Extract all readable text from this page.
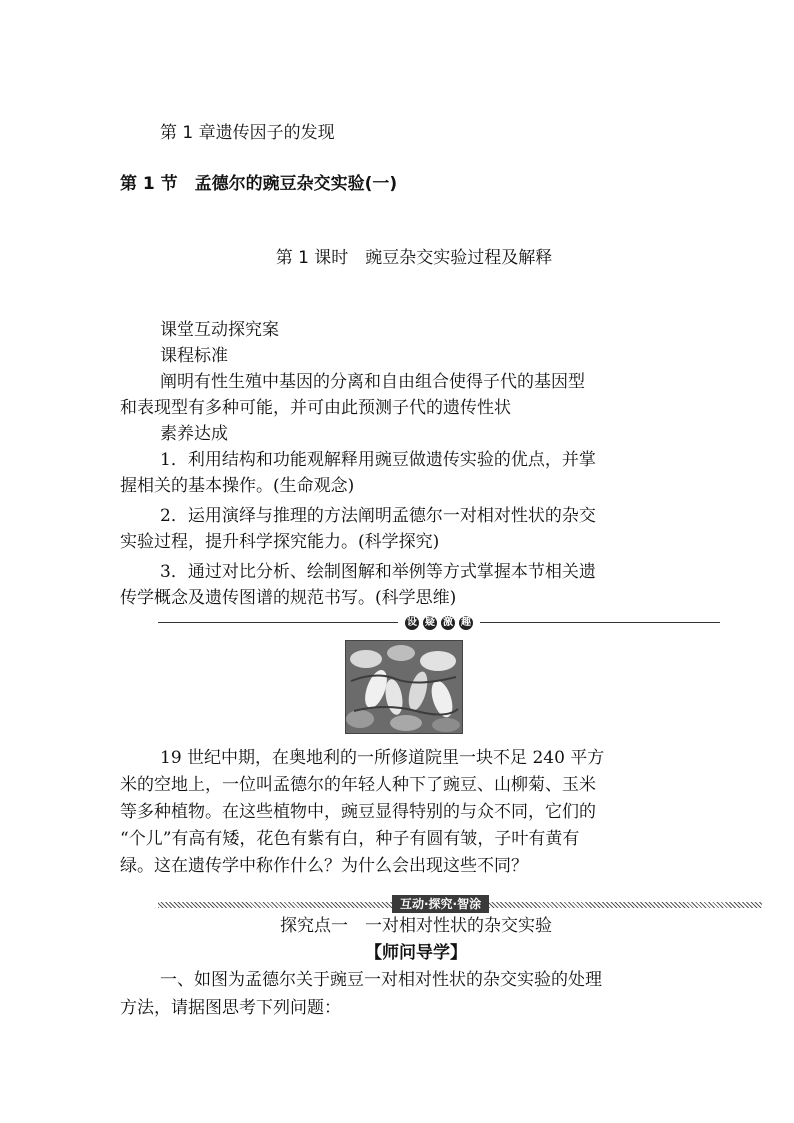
第 1 章遗传因子的发现
第 1 节　孟德尔的豌豆杂交实验(一)
第 1 课时　豌豆杂交实验过程及解释
课堂互动探究案
课程标准
阐明有性生殖中基因的分离和自由组合使得子代的基因型
和表现型有多种可能，并可由此预测子代的遗传性状
素养达成
1．利用结构和功能观解释用豌豆做遗传实验的优点，并掌
握相关的基本操作。(生命观念)
2．运用演绎与推理的方法阐明孟德尔一对相对性状的杂交
实验过程，提升科学探究能力。(科学探究)
3．通过对比分析、绘制图解和举例等方式掌握本节相关遗
传学概念及遗传图谱的规范书写。(科学思维)
设 疑 激 趣
19 世纪中期，在奥地利的一所修道院里一块不足 240 平方
米的空地上，一位叫孟德尔的年轻人种下了豌豆、山柳菊、玉米
等多种植物。在这些植物中，豌豆显得特别的与众不同，它们的
“个儿”有高有矮，花色有紫有白，种子有圆有皱，子叶有黄有
绿。这在遗传学中称作什么？为什么会出现这些不同？
互动·探究·智涂
探究点一　一对相对性状的杂交实验
【师问导学】
一、如图为孟德尔关于豌豆一对相对性状的杂交实验的处理
方法，请据图思考下列问题：
